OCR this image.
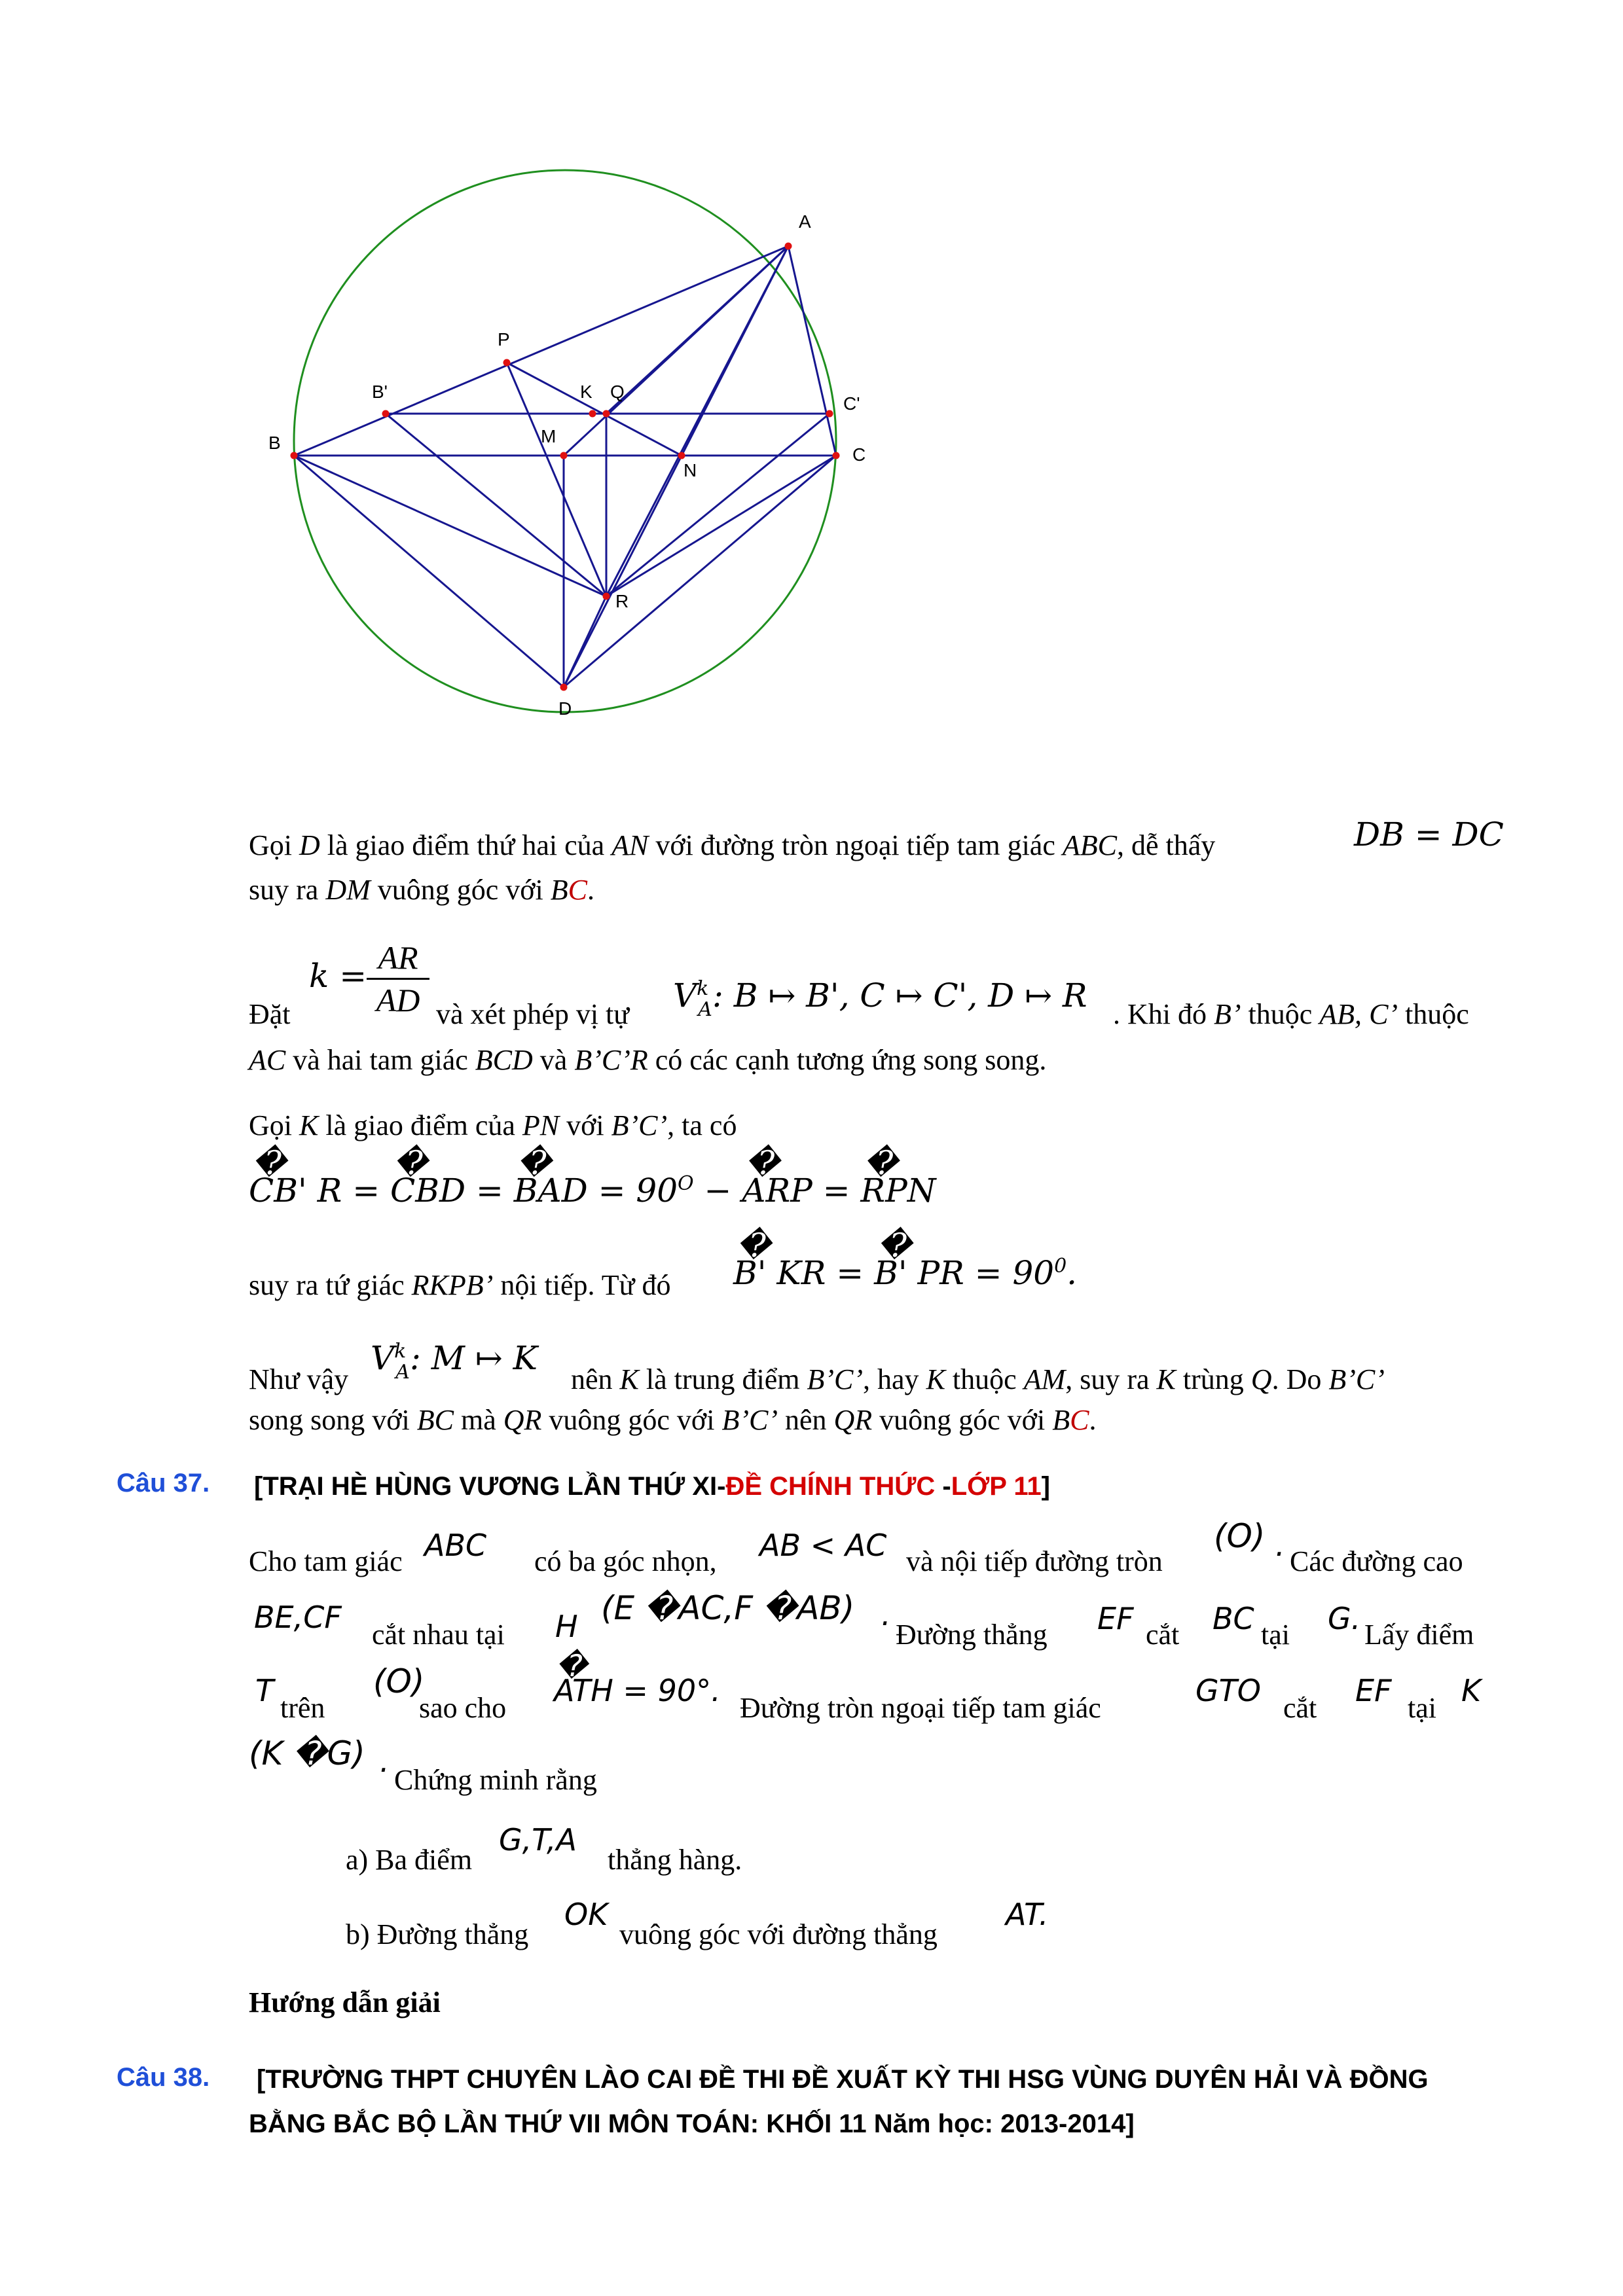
A
B
C
D
P
K Q
B'
C'
M
N
R
Gọi D là giao điểm thứ hai của AN với đường tròn ngoại tiếp tam giác ABC, dễ thấy	DB = DC
suy ra DM vuông góc với BC.
k = AR
AD
Đặt	và xét phép vị tự $V^k_A$: B ↦ B', C ↦ C', D ↦ R . Khi đó B’ thuộc AB, C’ thuộc
AC và hai tam giác BCD và B’C’R có các cạnh tương ứng song song.
Gọi K là giao điểm của PN với B’C’, ta có
�
CB' R =
�
CBD =
�
BAD = $90^O$ −
�
ARP =
�
RPN
suy ra tứ giác RKPB’ nội tiếp. Từ đó
�
B' KR =
�
B' PR = $90^0$.
Như vậy
$V^k_A$: M ↦ K
nên K là trung điểm B’C’, hay K thuộc AM, suy ra K trùng Q. Do B’C’
song song với BC mà QR vuông góc với B’C’ nên QR vuông góc với BC.
Câu 37. [TRẠI HÈ HÙNG VƯƠNG LẦN THỨ XI-ĐỀ CHÍNH THỨC -LỚP 11]
Cho tam giác ABC có ba góc nhọn, AB < AC và nội tiếp đường tròn
(O) . Các đường cao
BE,CF cắt nhau tại H (E �AC,F �AB) .
Đường thẳng EF cắt BC tại G. Lấy điểm
T trên
(O)
sao cho
�
ATH = 90°. Đường tròn ngoại tiếp tam giác	GTO cắt EF tại K
(K �G) .
Chứng minh rằng
a) Ba điểm
G,T,A
thẳng hàng.
b) Đường thẳng
OK
vuông góc với đường thẳng
AT.
Hướng dẫn giải
Câu 38. [TRƯỜNG THPT CHUYÊN LÀO CAI ĐỀ THI ĐỀ XUẤT KỲ THI HSG VÙNG DUYÊN HẢI VÀ ĐỒNG
BẰNG BẮC BỘ LẦN THỨ VII MÔN TOÁN: KHỐI 11 Năm học: 2013-2014]
